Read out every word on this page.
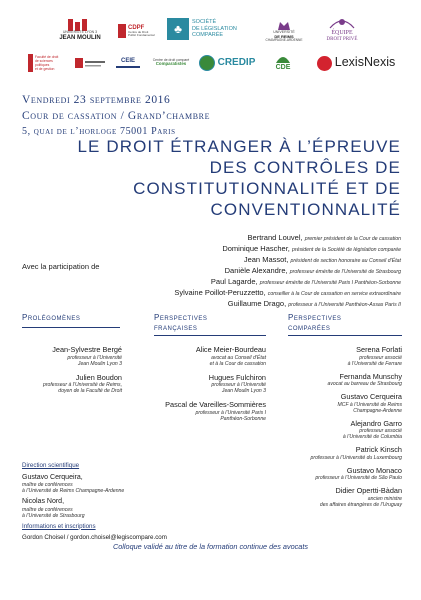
UNIVERSITÉ LYON 3
JEAN MOULIN
CDPF
Centre de Droit Public Fondamental	♣	SOCIÉTÉ
DE LÉGISLATION
COMPARÉE	UNIVERSITÉ
DE REIMS
CHAMPAGNE-ARDENNE
ÉQUIPE
DROIT PRIVÉ
Faculté de droit
de sciences politiques
et de gestion
CEIE	Centre de droit comparé
Comparatistes	CREDIP
CDE	LexisNexis
Vendredi 23 septembre 2016
Cour de cassation / Grand’chambre
5, quai de l’horloge 75001 Paris
LE DROIT ÉTRANGER À L’ÉPREUVE
DES CONTRÔLES DE
CONSTITUTIONNALITÉ ET DE
CONVENTIONNALITÉ
Avec la participation de
Bertrand Louvel, premier président de la Cour de cassation
Dominique Hascher, président de la Société de législation comparée
Jean Massot, président de section honoraire au Conseil d’État
Danièle Alexandre, professeur émérite de l’Université de Strasbourg
Paul Lagarde, professeur émérite de l’Université Paris I Panthéon-Sorbonne
Sylvaine Poillot-Peruzzetto, conseiller à la Cour de cassation en service extraordinaire
Guillaume Drago, professeur à l’Université Panthéon-Assas Paris II
Prolégomènes	Perspectives
françaises
Perspectives
comparées
Jean-Sylvestre Bergé
professeur à l’Université
Jean Moulin Lyon 3
Julien Boudon
professeur à l’Université de Reims,
doyen de la Faculté de Droit
Alice Meier-Bourdeau
avocat au Conseil d’État
et à la Cour de cassation
Hugues Fulchiron
professeur à l’Université
Jean Moulin Lyon 3
Pascal de Vareilles-Sommières
professeur à l’Université Paris I
Panthéon-Sorbonne
Serena Forlati
professeur associé
à l’Université de Ferrare
Fernanda Munschy
avocat au barreau de Strasbourg
Gustavo Cerqueira
MCF à l’Université de Reims
Champagne-Ardenne
Alejandro Garro
professeur associé
à l’Université de Columbia
Patrick Kinsch
professeur à l’Université du Luxembourg
Gustavo Monaco
professeur à l’Université de São Paulo
Didier Opertti-Bàdan
ancien ministre
des affaires étrangères de l’Uruguay
Direction scientifique
Gustavo Cerqueira,
maître de conférences
à l’Université de Reims Champagne-Ardenne
Nicolas Nord,
maître de conférences
à l’Université de Strasbourg
Informations et inscriptions
Gordon Choisel / gordon.choisel@legiscompare.com
Colloque validé au titre de la formation continue des avocats
